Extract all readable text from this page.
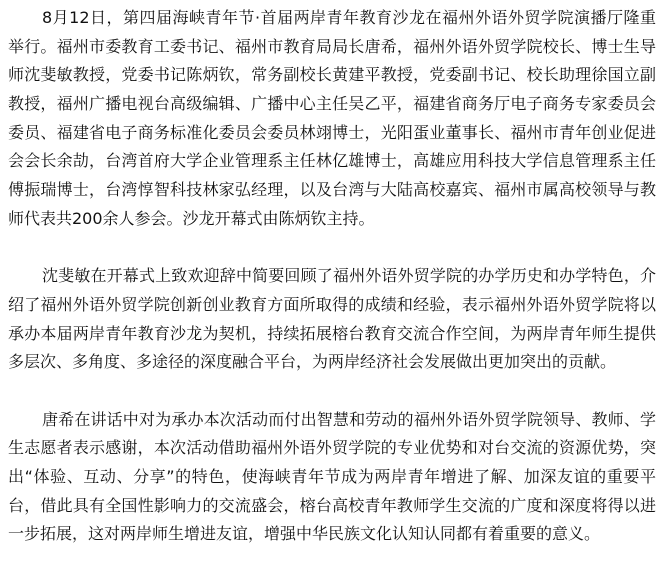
8月12日，第四届海峡青年节·首届两岸青年教育沙龙在福州外语外贸学院演播厅隆重
举行。福州市委教育工委书记、福州市教育局局长唐希，福州外语外贸学院校长、博士生导
师沈斐敏教授，党委书记陈炳钦，常务副校长黄建平教授，党委副书记、校长助理徐国立副
教授，福州广播电视台高级编辑、广播中心主任吴乙平，福建省商务厅电子商务专家委员会
委员、福建省电子商务标准化委员会委员林翊博士，光阳蛋业董事长、福州市青年创业促进
会会长余劼，台湾首府大学企业管理系主任林亿雄博士，高雄应用科技大学信息管理系主任
傅振瑞博士，台湾惇智科技林家弘经理，以及台湾与大陆高校嘉宾、福州市属高校领导与教
师代表共200余人参会。沙龙开幕式由陈炳钦主持。
沈斐敏在开幕式上致欢迎辞中简要回顾了福州外语外贸学院的办学历史和办学特色，介
绍了福州外语外贸学院创新创业教育方面所取得的成绩和经验，表示福州外语外贸学院将以
承办本届两岸青年教育沙龙为契机，持续拓展榕台教育交流合作空间，为两岸青年师生提供
多层次、多角度、多途径的深度融合平台，为两岸经济社会发展做出更加突出的贡献。
唐希在讲话中对为承办本次活动而付出智慧和劳动的福州外语外贸学院领导、教师、学
生志愿者表示感谢，本次活动借助福州外语外贸学院的专业优势和对台交流的资源优势，突
出“体验、互动、分享”的特色，使海峡青年节成为两岸青年增进了解、加深友谊的重要平
台，借此具有全国性影响力的交流盛会，榕台高校青年教师学生交流的广度和深度将得以进
一步拓展，这对两岸师生增进友谊，增强中华民族文化认知认同都有着重要的意义。
